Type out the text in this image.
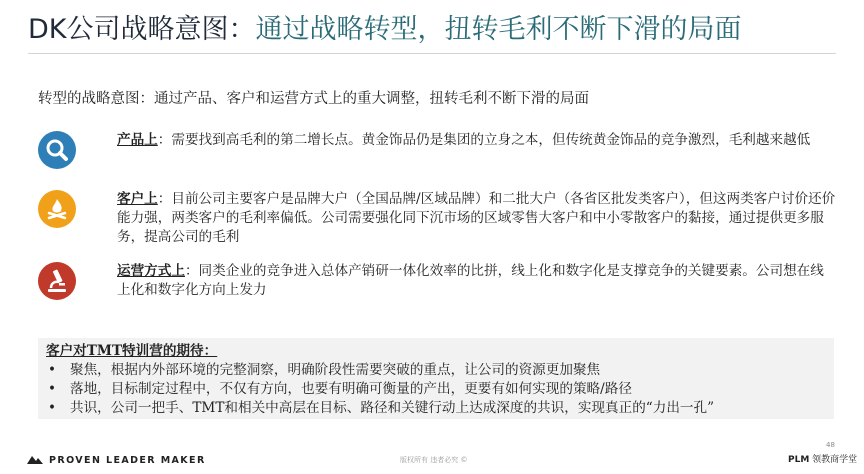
DK公司战略意图：通过战略转型，扭转毛利不断下滑的局面
转型的战略意图：通过产品、客户和运营方式上的重大调整，扭转毛利不断下滑的局面
产品上：需要找到高毛利的第二增长点。黄金饰品仍是集团的立身之本，但传统黄金饰品的竞争激烈，毛利越来越低
客户上：目前公司主要客户是品牌大户（全国品牌/区域品牌）和二批大户（各省区批发类客户），但这两类客户讨价还价能力强，两类客户的毛利率偏低。公司需要强化同下沉市场的区域零售大客户和中小零散客户的黏接，通过提供更多服务，提高公司的毛利
运营方式上：同类企业的竞争进入总体产销研一体化效率的比拼，线上化和数字化是支撑竞争的关键要素。公司想在线上化和数字化方向上发力
客户对TMT特训营的期待：
• 聚焦，根据内外部环境的完整洞察，明确阶段性需要突破的重点，让公司的资源更加聚焦
• 落地，目标制定过程中，不仅有方向，也要有明确可衡量的产出，更要有如何实现的策略/路径
• 共识，公司一把手、TMT和相关中高层在目标、路径和关键行动上达成深度的共识，实现真正的“力出一孔”
PROVEN LEADER MAKER	版权所有 违者必究 ©
48
PLM 领教商学堂
